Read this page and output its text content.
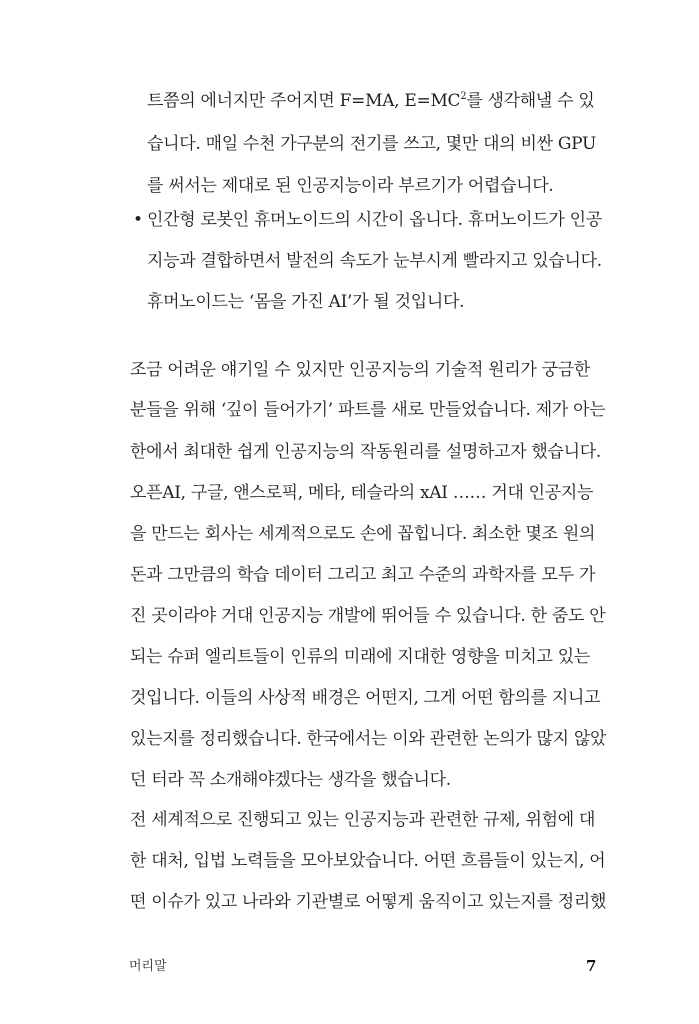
트쯤의 에너지만 주어지면 F=MA, $E=MC^2$를 생각해낼 수 있
습니다. 매일 수천 가구분의 전기를 쓰고, 몇만 대의 비싼 GPU
를 써서는 제대로 된 인공지능이라 부르기가 어렵습니다.
• 인간형 로봇인 휴머노이드의 시간이 옵니다. 휴머노이드가 인공
지능과 결합하면서 발전의 속도가 눈부시게 빨라지고 있습니다.
휴머노이드는 ‘몸을 가진 AI’가 될 것입니다.
조금 어려운 얘기일 수 있지만 인공지능의 기술적 원리가 궁금한
분들을 위해 ‘깊이 들어가기’ 파트를 새로 만들었습니다. 제가 아는
한에서 최대한 쉽게 인공지능의 작동원리를 설명하고자 했습니다.
오픈AI, 구글, 앤스로픽, 메타, 테슬라의 xAI …… 거대 인공지능
을 만드는 회사는 세계적으로도 손에 꼽힙니다. 최소한 몇조 원의
돈과 그만큼의 학습 데이터 그리고 최고 수준의 과학자를 모두 가
진 곳이라야 거대 인공지능 개발에 뛰어들 수 있습니다. 한 줌도 안
되는 슈퍼 엘리트들이 인류의 미래에 지대한 영향을 미치고 있는
것입니다. 이들의 사상적 배경은 어떤지, 그게 어떤 함의를 지니고
있는지를 정리했습니다. 한국에서는 이와 관련한 논의가 많지 않았
던 터라 꼭 소개해야겠다는 생각을 했습니다.
전 세계적으로 진행되고 있는 인공지능과 관련한 규제, 위험에 대
한 대처, 입법 노력들을 모아보았습니다. 어떤 흐름들이 있는지, 어
떤 이슈가 있고 나라와 기관별로 어떻게 움직이고 있는지를 정리했
머리말	7
